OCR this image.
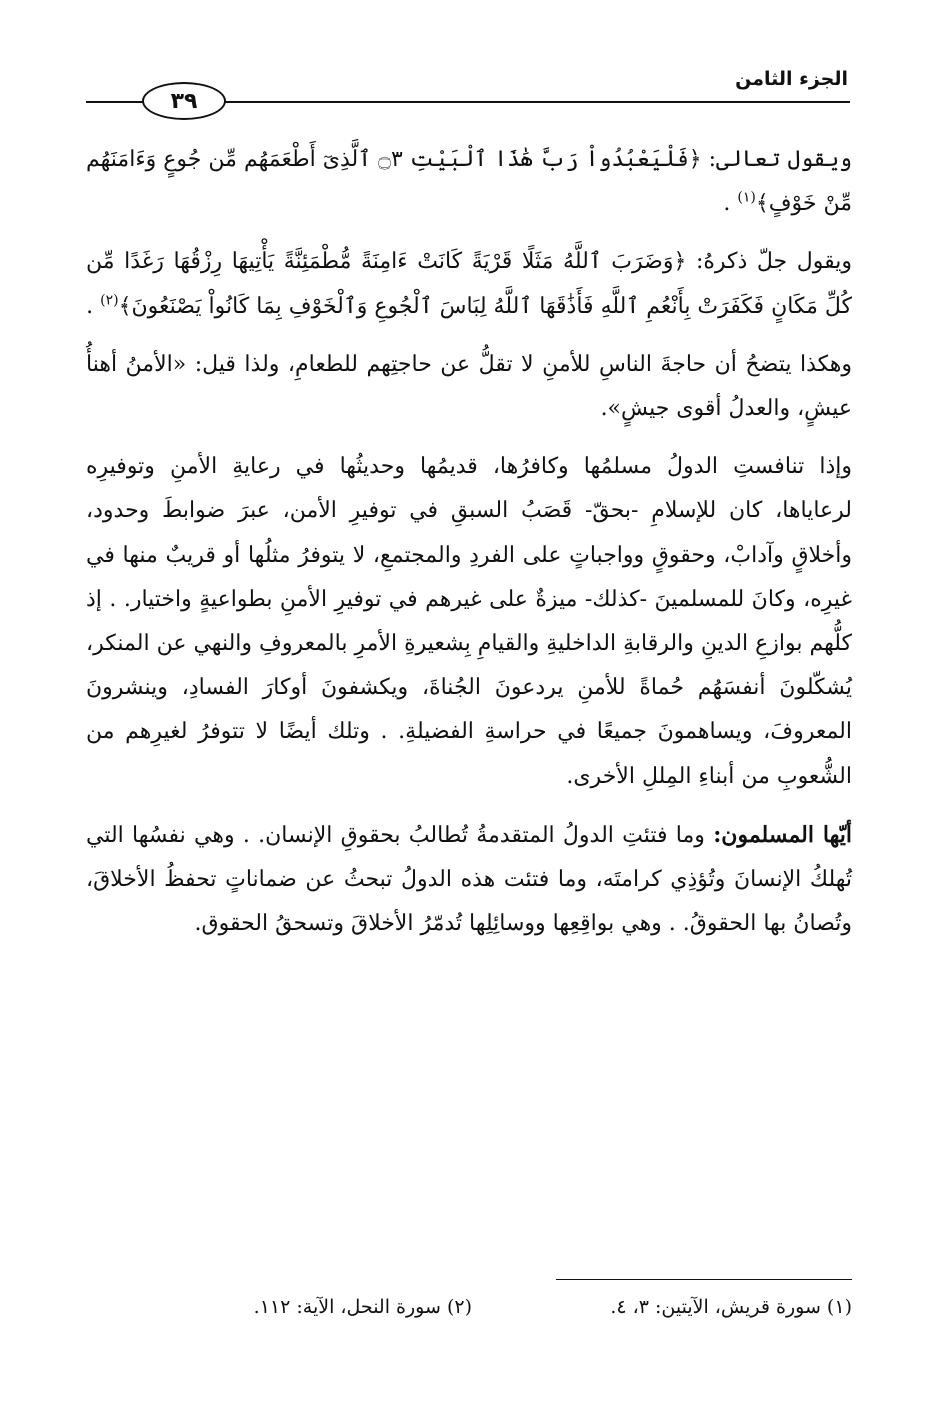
الجزء الثامن
٣٩

ويقول تعالى: ﴿فَلْيَعْبُدُواْ رَبَّ هَٰذَا ٱلْبَيْتِ ۝٣ ٱلَّذِىٓ أَطْعَمَهُم مِّن جُوعٍ وَءَامَنَهُم مِّنْ خَوْفٍ﴾$^{(١)}$ .

ويقول جلّ ذكرهُ: ﴿وَضَرَبَ ٱللَّهُ مَثَلًا قَرْيَةً كَانَتْ ءَامِنَةً مُّطْمَئِنَّةً يَأْتِيهَا رِزْقُهَا رَغَدًا مِّن كُلِّ مَكَانٍ فَكَفَرَتْ بِأَنْعُمِ ٱللَّهِ فَأَذَٰقَهَا ٱللَّهُ لِبَاسَ ٱلْجُوعِ وَٱلْخَوْفِ بِمَا كَانُواْ يَصْنَعُونَ﴾$^{(٢)}$ .

وهكذا يتضحُ أن حاجةَ الناسِ للأمنِ لا تقلُّ عن حاجتِهم للطعامِ، ولذا قيل: «الأمنُ أهنأُ عيشٍ، والعدلُ أقوى جيشٍ».

وإذا تنافستِ الدولُ مسلمُها وكافرُها، قديمُها وحديثُها في رعايةِ الأمنِ وتوفيرِه لرعاياها، كان للإسلامِ -بحقّ- قَصَبُ السبقِ في توفيرِ الأمن، عبرَ ضوابطَ وحدود، وأخلاقٍ وآدابْ، وحقوقٍ وواجباتٍ على الفردِ والمجتمعِ، لا يتوفرُ مثلُها أو قريبٌ منها في غيرِه، وكانَ للمسلمينَ -كذلك- ميزةٌ على غيرهم في توفيرِ الأمنِ بطواعيةٍ واختيار. . إذ كلُّهم بوازعِ الدينِ والرقابةِ الداخليةِ والقيامِ بِشعيرةِ الأمرِ بالمعروفِ والنهي عن المنكر، يُشكّلونَ أنفسَهُم حُماةً للأمنِ يردعونَ الجُناةَ، ويكشفونَ أوكارَ الفسادِ، وينشرونَ المعروفَ، ويساهمونَ جميعًا في حراسةِ الفضيلةِ. . وتلك أيضًا لا تتوفرُ لغيرِهم من الشُّعوبِ من أبناءِ المِللِ الأخرى.

أيّها المسلمون: وما فتئتِ الدولُ المتقدمةُ تُطالبُ بحقوقِ الإنسان. . وهي نفسُها التي تُهلكُ الإنسانَ وتُؤذِي كرامتَه، وما فتئت هذه الدولُ تبحثُ عن ضماناتٍ تحفظُ الأخلاقَ، وتُصانُ بها الحقوقُ. . وهي بواقِعِها ووسائِلِها تُدمّرُ الأخلاقَ وتسحقُ الحقوق.

(١) سورة قريش، الآيتين: ٣، ٤.
(٢) سورة النحل، الآية: ١١٢.
